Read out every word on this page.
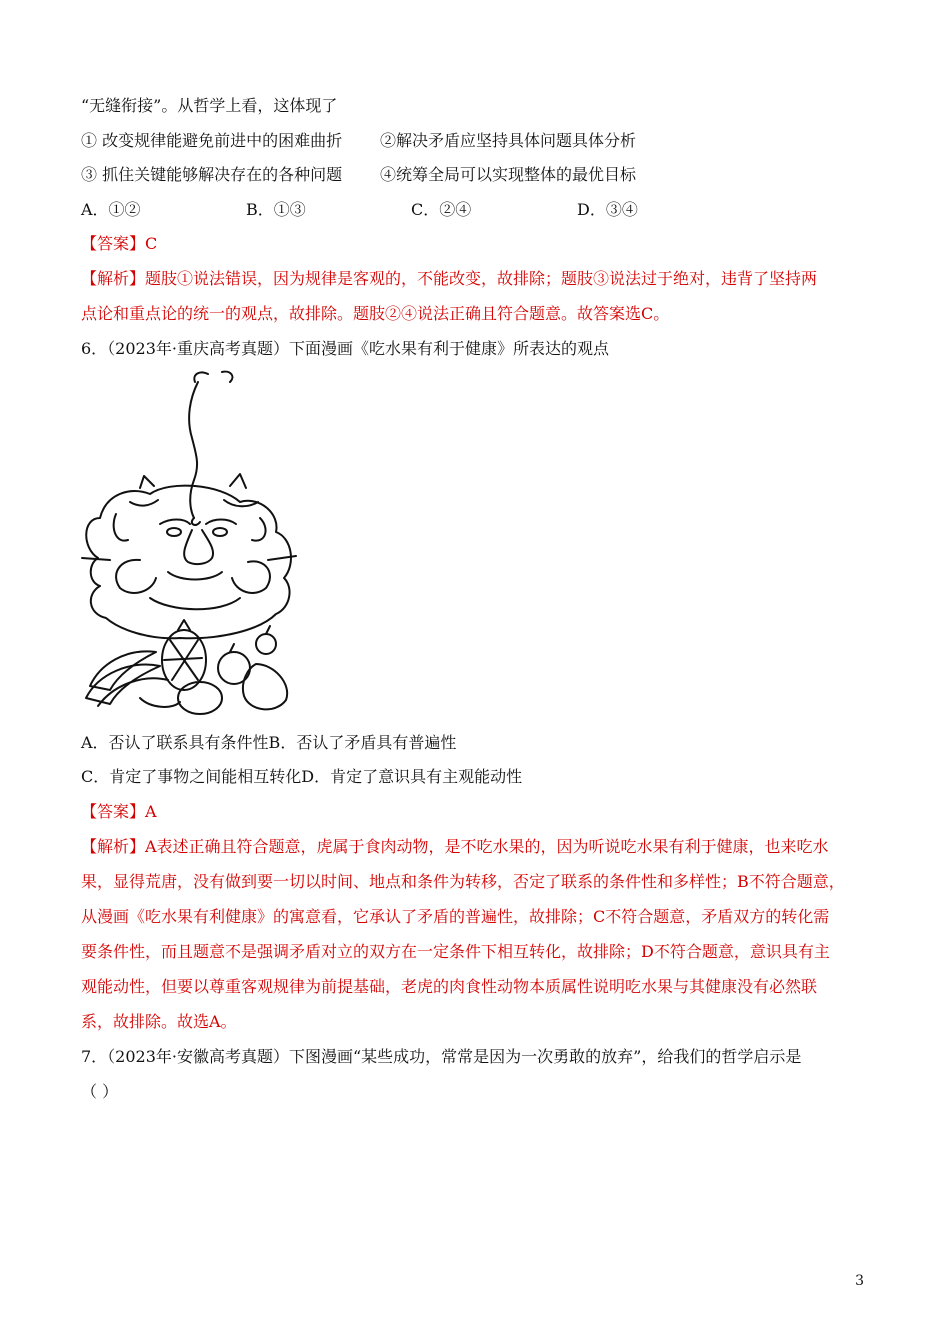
“无缝衔接”。从哲学上看，这体现了
① 改变规律能避免前进中的困难曲折 ②解决矛盾应坚持具体问题具体分析
③ 抓住关键能够解决存在的各种问题 ④统筹全局可以实现整体的最优目标
A．①②	B．①③	C．②④	D．③④
【答案】C
【解析】题肢①说法错误，因为规律是客观的，不能改变，故排除；题肢③说法过于绝对，违背了坚持两
点论和重点论的统一的观点，故排除。题肢②④说法正确且符合题意。故答案选C。
6．（2023年·重庆高考真题）下面漫画《吃水果有利于健康》所表达的观点
A．否认了联系具有条件性B．否认了矛盾具有普遍性
C．肯定了事物之间能相互转化D．肯定了意识具有主观能动性
【答案】A
【解析】A表述正确且符合题意，虎属于食肉动物，是不吃水果的，因为听说吃水果有利于健康，也来吃水
果，显得荒唐，没有做到要一切以时间、地点和条件为转移，否定了联系的条件性和多样性；B不符合题意，
从漫画《吃水果有利健康》的寓意看，它承认了矛盾的普遍性，故排除；C不符合题意，矛盾双方的转化需
要条件性，而且题意不是强调矛盾对立的双方在一定条件下相互转化，故排除；D不符合题意，意识具有主
观能动性，但要以尊重客观规律为前提基础，老虎的肉食性动物本质属性说明吃水果与其健康没有必然联
系，故排除。故选A。
7．（2023年·安徽高考真题）下图漫画“某些成功，常常是因为一次勇敢的放弃”，给我们的哲学启示是
（ ）
3
